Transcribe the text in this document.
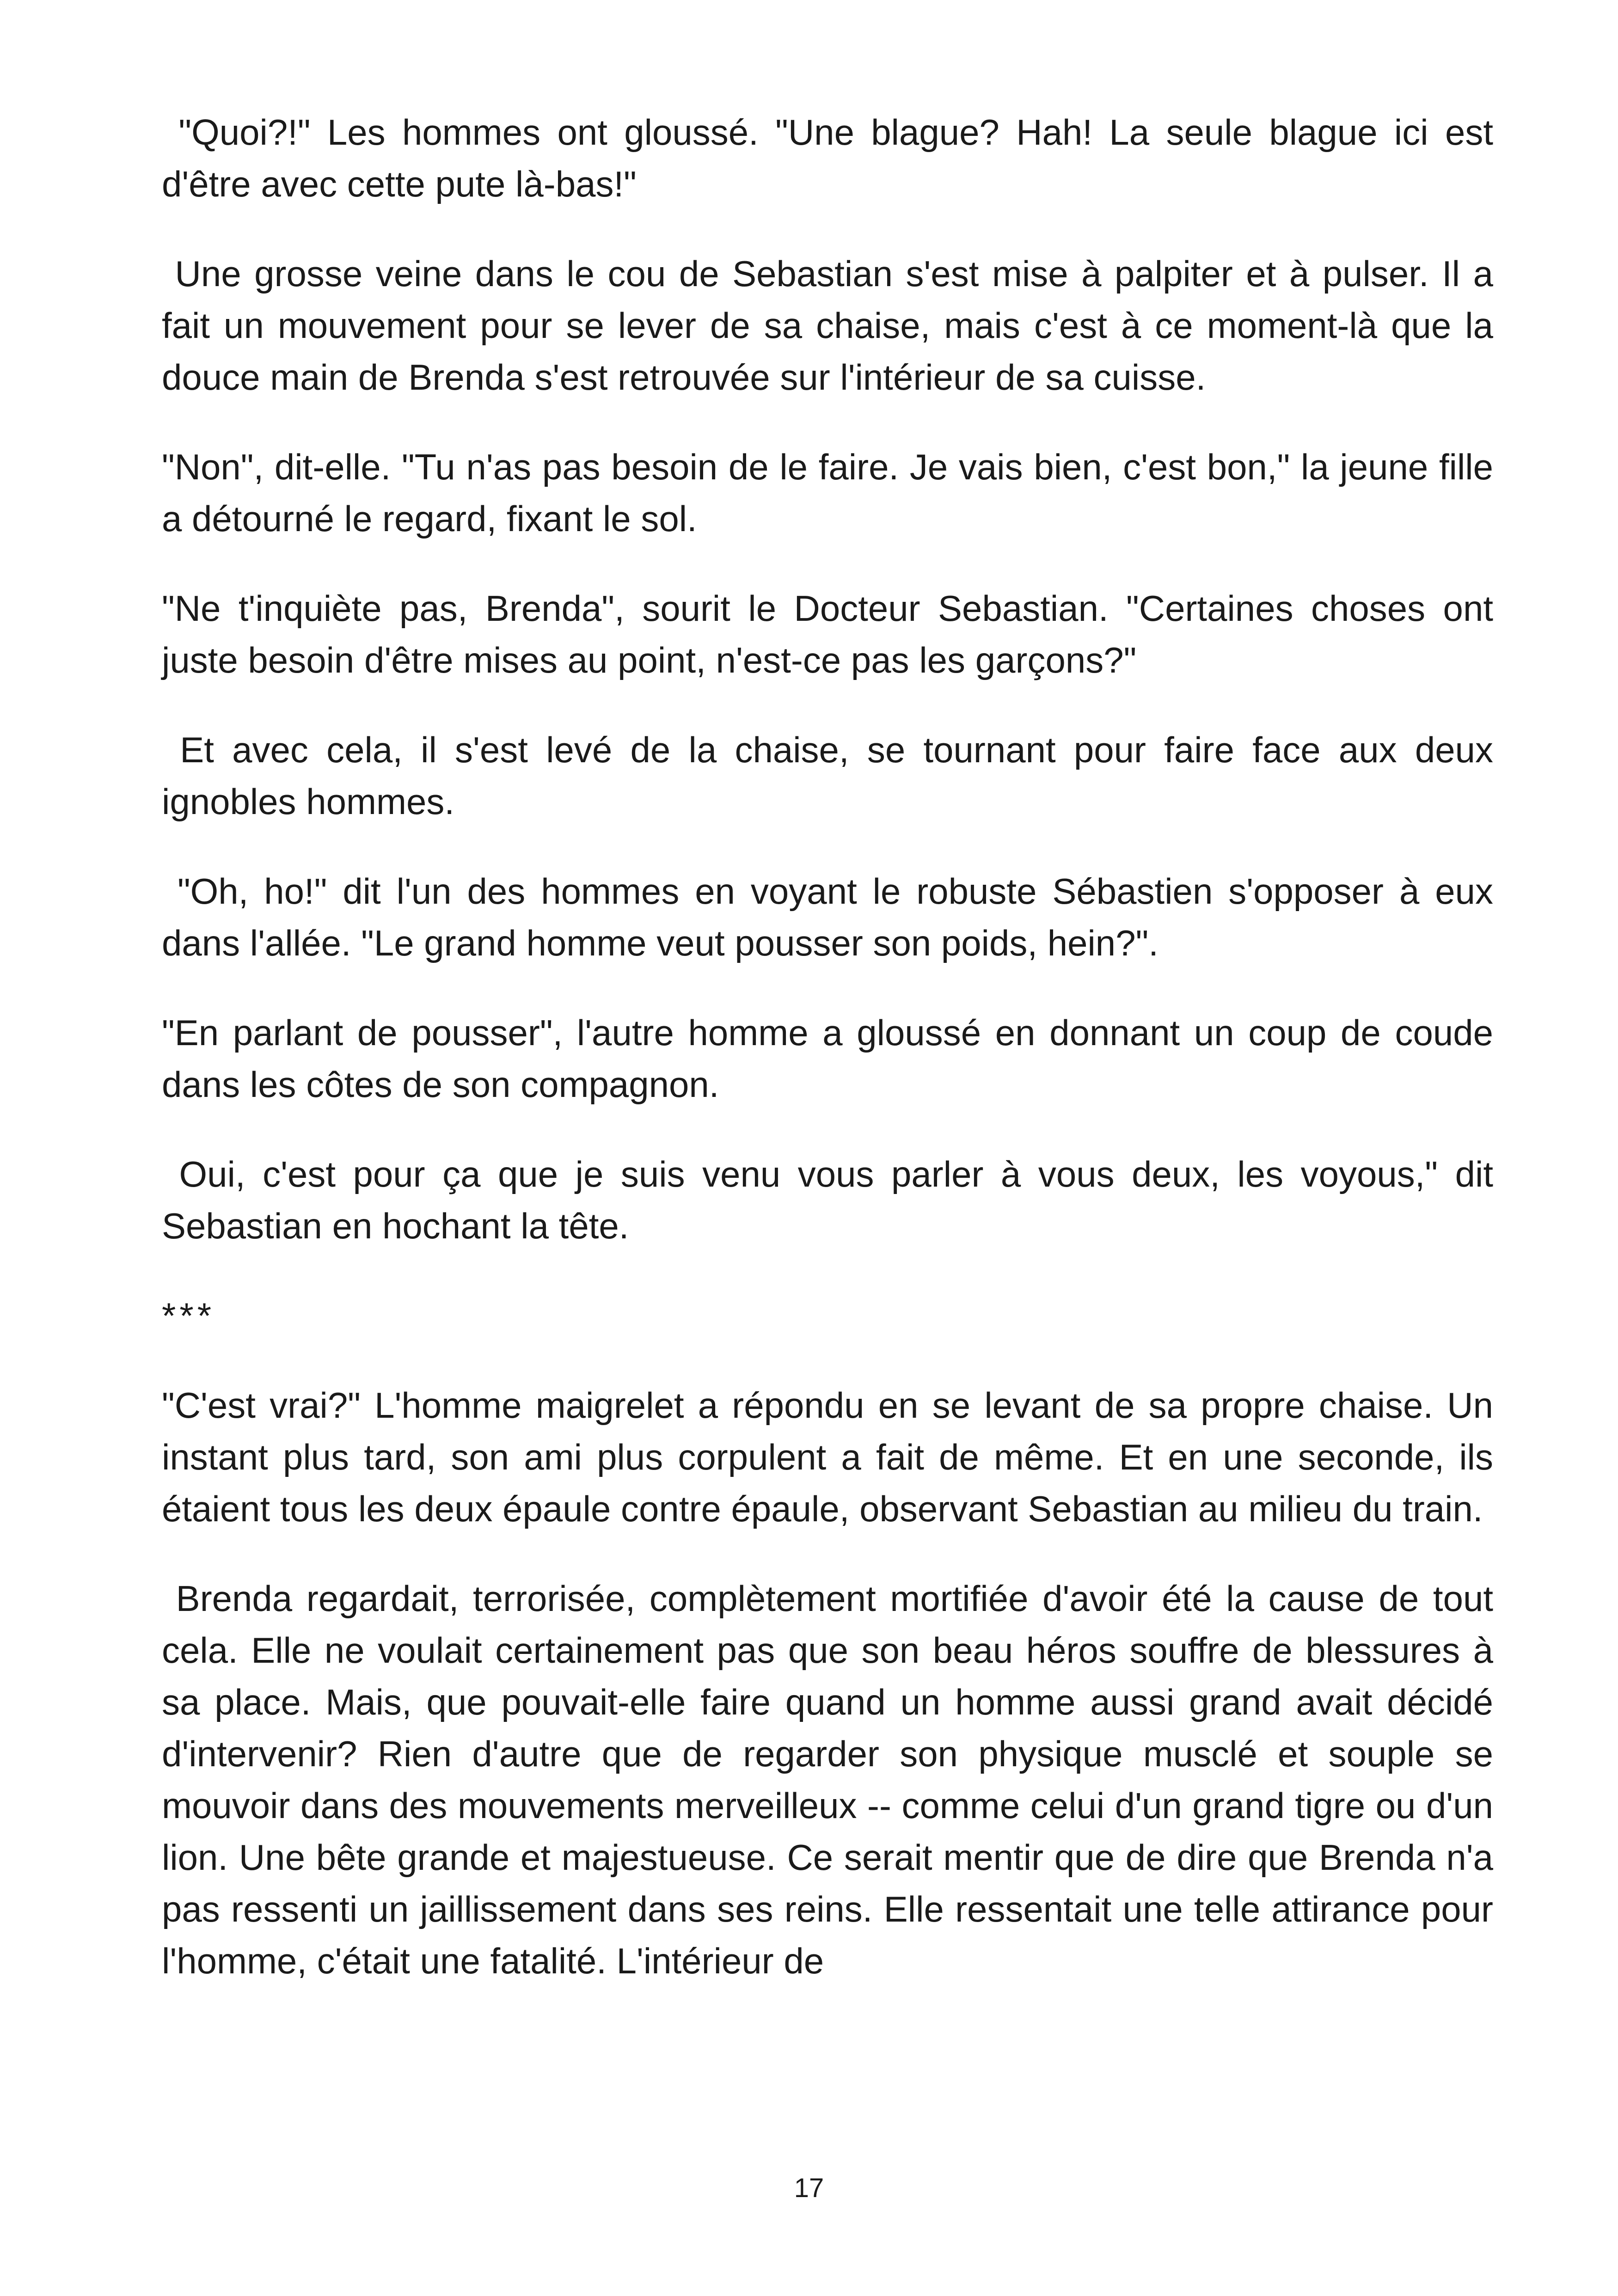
"Quoi?!" Les hommes ont gloussé. "Une blague? Hah! La seule blague ici est d'être avec cette pute là-bas!"

Une grosse veine dans le cou de Sebastian s'est mise à palpiter et à pulser. Il a fait un mouvement pour se lever de sa chaise, mais c'est à ce moment-là que la douce main de Brenda s'est retrouvée sur l'intérieur de sa cuisse.

"Non", dit-elle. "Tu n'as pas besoin de le faire. Je vais bien, c'est bon," la jeune fille a détourné le regard, fixant le sol.

"Ne t'inquiète pas, Brenda", sourit le Docteur Sebastian. "Certaines choses ont juste besoin d'être mises au point, n'est-ce pas les garçons?"

Et avec cela, il s'est levé de la chaise, se tournant pour faire face aux deux ignobles hommes.

"Oh, ho!" dit l'un des hommes en voyant le robuste Sébastien s'opposer à eux dans l'allée. "Le grand homme veut pousser son poids, hein?".

"En parlant de pousser", l'autre homme a gloussé en donnant un coup de coude dans les côtes de son compagnon.

Oui, c'est pour ça que je suis venu vous parler à vous deux, les voyous," dit Sebastian en hochant la tête.

***

"C'est vrai?" L'homme maigrelet a répondu en se levant de sa propre chaise. Un instant plus tard, son ami plus corpulent a fait de même. Et en une seconde, ils étaient tous les deux épaule contre épaule, observant Sebastian au milieu du train.

Brenda regardait, terrorisée, complètement mortifiée d'avoir été la cause de tout cela. Elle ne voulait certainement pas que son beau héros souffre de blessures à sa place. Mais, que pouvait-elle faire quand un homme aussi grand avait décidé d'intervenir? Rien d'autre que de regarder son physique musclé et souple se mouvoir dans des mouvements merveilleux -- comme celui d'un grand tigre ou d'un lion. Une bête grande et majestueuse. Ce serait mentir que de dire que Brenda n'a pas ressenti un jaillissement dans ses reins. Elle ressentait une telle attirance pour l'homme, c'était une fatalité. L'intérieur de

17
